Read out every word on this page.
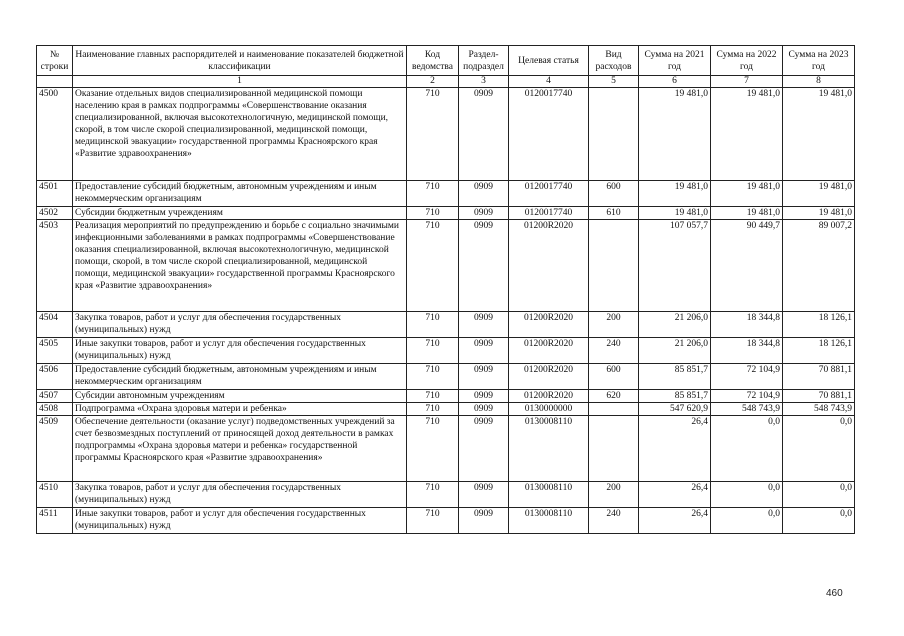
№ строки	Наименование главных распорядителей и наименование показателей бюджетной классификации	Код ведомства	Раздел-подраздел	Целевая статья	Вид расходов	Сумма на 2021 год	Сумма на 2022 год	Сумма на 2023 год
	1	2	3	4	5	6	7	8
4500	Оказание отдельных видов специализированной медицинской помощи населению края в рамках подпрограммы «Совершенствование оказания специализированной, включая высокотехнологичную, медицинской помощи, скорой, в том числе скорой специализированной, медицинской помощи, медицинской эвакуации» государственной программы Красноярского края «Развитие здравоохранения»	710	0909	0120017740		19 481,0	19 481,0	19 481,0
4501	Предоставление субсидий бюджетным, автономным учреждениям и иным некоммерческим организациям	710	0909	0120017740	600	19 481,0	19 481,0	19 481,0
4502	Субсидии бюджетным учреждениям	710	0909	0120017740	610	19 481,0	19 481,0	19 481,0
4503	Реализация мероприятий по предупреждению и борьбе с социально значимыми инфекционными заболеваниями в рамках подпрограммы «Совершенствование оказания специализированной, включая высокотехнологичную, медицинской помощи, скорой, в том числе скорой специализированной, медицинской помощи, медицинской эвакуации» государственной программы Красноярского края «Развитие здравоохранения»	710	0909	01200R2020		107 057,7	90 449,7	89 007,2
4504	Закупка товаров, работ и услуг для обеспечения государственных (муниципальных) нужд	710	0909	01200R2020	200	21 206,0	18 344,8	18 126,1
4505	Иные закупки товаров, работ и услуг для обеспечения государственных (муниципальных) нужд	710	0909	01200R2020	240	21 206,0	18 344,8	18 126,1
4506	Предоставление субсидий бюджетным, автономным учреждениям и иным некоммерческим организациям	710	0909	01200R2020	600	85 851,7	72 104,9	70 881,1
4507	Субсидии автономным учреждениям	710	0909	01200R2020	620	85 851,7	72 104,9	70 881,1
4508	Подпрограмма «Охрана здоровья матери и ребенка»	710	0909	0130000000		547 620,9	548 743,9	548 743,9
4509	Обеспечение деятельности (оказание услуг) подведомственных учреждений за счет безвозмездных поступлений от приносящей доход деятельности в рамках подпрограммы «Охрана здоровья матери и ребенка» государственной программы Красноярского края «Развитие здравоохранения»	710	0909	0130008110		26,4	0,0	0,0
4510	Закупка товаров, работ и услуг для обеспечения государственных (муниципальных) нужд	710	0909	0130008110	200	26,4	0,0	0,0
4511	Иные закупки товаров, работ и услуг для обеспечения государственных (муниципальных) нужд	710	0909	0130008110	240	26,4	0,0	0,0
460
